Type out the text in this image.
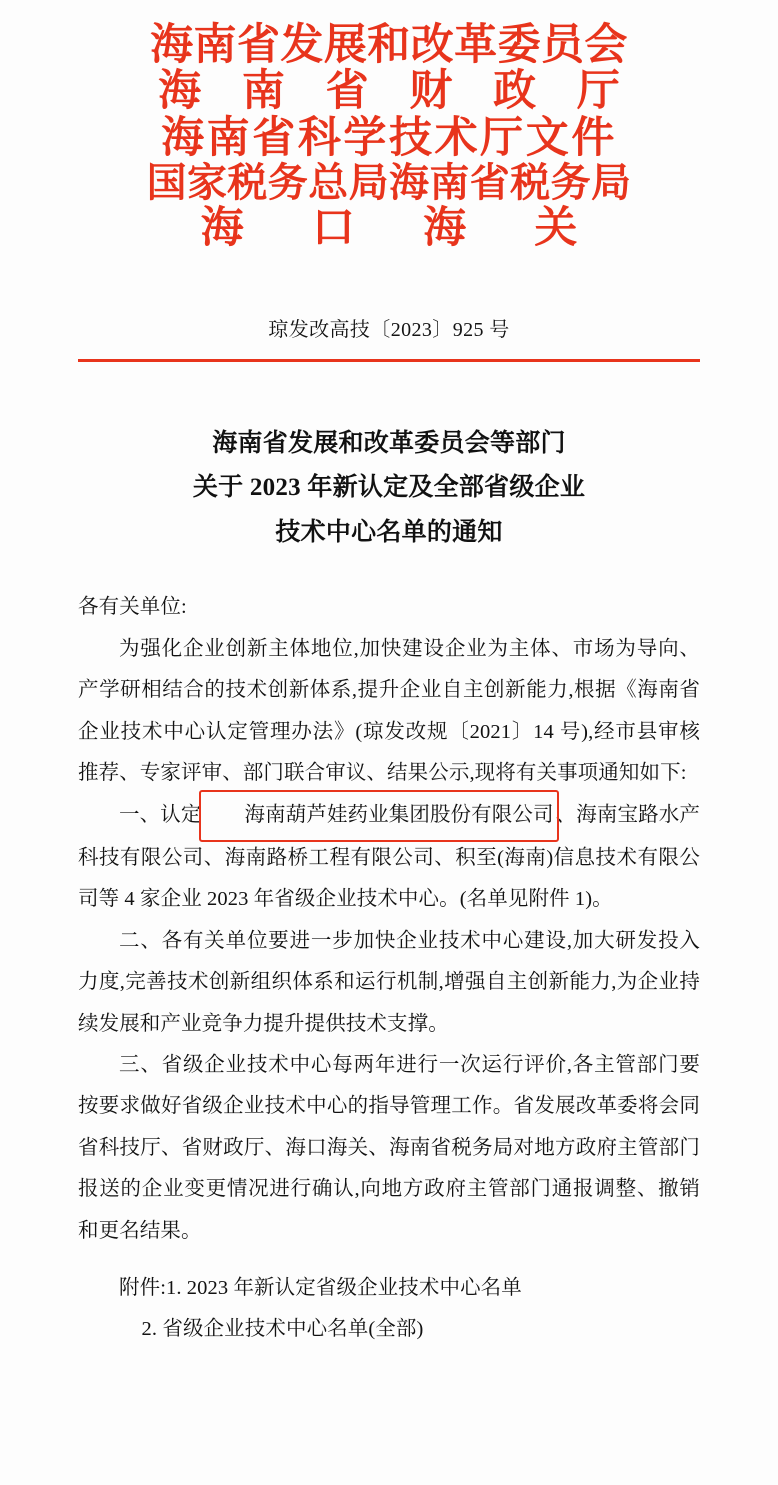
海南省发展和改革委员会
海 南 省 财 政 厅
海南省科学技术厅文件
国家税务总局海南省税务局
海 口 海 关
琼发改高技〔2023〕925 号
海南省发展和改革委员会等部门
关于 2023 年新认定及全部省级企业
技术中心名单的通知
各有关单位:
为强化企业创新主体地位,加快建设企业为主体、市场为导向、产学研相结合的技术创新体系,提升企业自主创新能力,根据《海南省企业技术中心认定管理办法》(琼发改规〔2021〕14 号),经市县审核推荐、专家评审、部门联合审议、结果公示,现将有关事项通知如下:
一、认定 海南葫芦娃药业集团股份有限公司、海南宝路水产科技有限公司、海南路桥工程有限公司、积至(海南)信息技术有限公司等 4 家企业 2023 年省级企业技术中心。(名单见附件 1)。
二、各有关单位要进一步加快企业技术中心建设,加大研发投入力度,完善技术创新组织体系和运行机制,增强自主创新能力,为企业持续发展和产业竞争力提升提供技术支撑。
三、省级企业技术中心每两年进行一次运行评价,各主管部门要按要求做好省级企业技术中心的指导管理工作。省发展改革委将会同省科技厅、省财政厅、海口海关、海南省税务局对地方政府主管部门报送的企业变更情况进行确认,向地方政府主管部门通报调整、撤销和更名结果。
附件:1. 2023 年新认定省级企业技术中心名单
2. 省级企业技术中心名单(全部)
